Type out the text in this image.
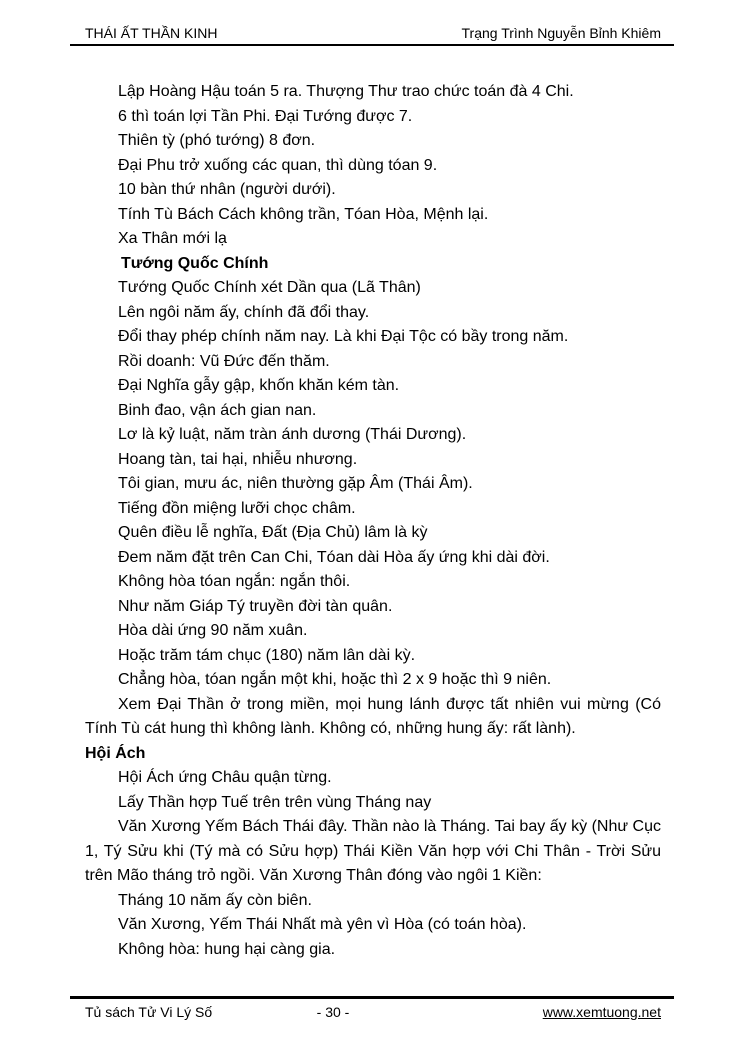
THÁI ẤT THẦN KINH	Trạng Trình Nguyễn Bỉnh Khiêm

Lập Hoàng Hậu toán 5 ra. Thượng Thư trao chức toán đà 4 Chi.

6 thì toán lợi Tần Phi. Đại Tướng được 7.

Thiên tỳ (phó tướng) 8 đơn.

Đại Phu trở xuống các quan, thì dùng tóan 9.

10 bàn thứ nhân (người dưới).

Tính Tù Bách Cách không trần, Tóan Hòa, Mệnh lại.

Xa Thân mới lạ

Tướng Quốc Chính

Tướng Quốc Chính xét Dần qua (Lã Thân)

Lên ngôi năm ấy, chính đã đổi thay.

Đổi thay phép chính năm nay. Là khi Đại Tộc có bầy trong năm.

Rồi doanh: Vũ Đức đến thăm.

Đại Nghĩa gẫy gập, khốn khăn kém tàn.

Binh đao, vận ách gian nan.

Lơ là kỷ luật, năm tràn ánh dương (Thái Dương).

Hoang tàn, tai hại, nhiễu nhương.

Tôi gian, mưu ác, niên thường gặp Âm (Thái Âm).

Tiếng đồn miệng lưỡi chọc châm.

Quên điều lễ nghĩa, Đất (Địa Chủ) lâm là kỳ

Đem năm đặt trên Can Chi, Tóan dài Hòa ấy ứng khi dài đời.

Không hòa tóan ngắn: ngắn thôi.

Như năm Giáp Tý truyền đời tàn quân.

Hòa dài ứng 90 năm xuân.

Hoặc trăm tám chục (180) năm lân dài kỳ.

Chẳng hòa, tóan ngắn một khi, hoặc thì 2 x 9 hoặc thì 9 niên.

Xem Đại Thần ở trong miền, mọi hung lánh được tất nhiên vui mừng (Có Tính Tù cát hung thì không lành. Không có, những hung ấy: rất lành).

Hội Ách

Hội Ách ứng Châu quận từng.

Lấy Thần hợp Tuế trên trên vùng Tháng nay

Văn Xương Yếm Bách Thái đây. Thần nào là Tháng. Tai bay ấy kỳ (Như Cục 1, Tý Sửu khi (Tý mà có Sửu hợp) Thái Kiền Văn hợp với Chi Thân - Trời Sửu trên Mão tháng trỏ ngồi. Văn Xương Thân đóng vào ngôi 1 Kiền:

Tháng 10 năm ấy còn biên.

Văn Xương, Yếm Thái Nhất mà yên vì Hòa (có toán hòa).

Không hòa: hung hại càng gia.

Tủ sách Tử Vi Lý Số	- 30 -	www.xemtuong.net
